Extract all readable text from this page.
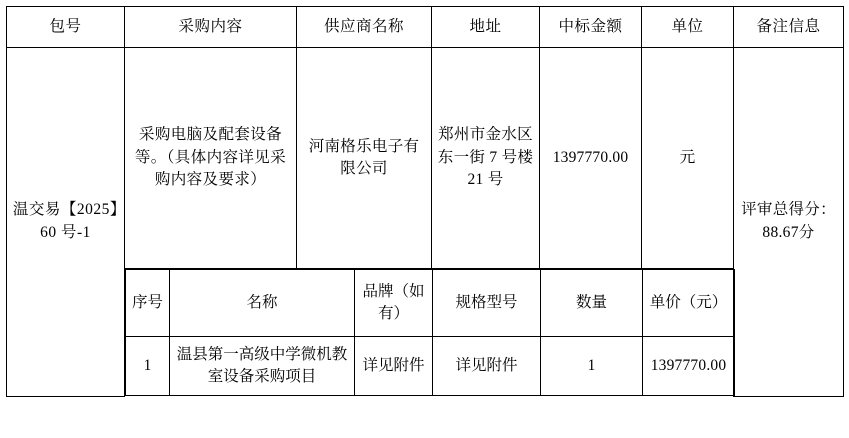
包号	采购内容	供应商名称	地址	中标金额	单位	备注信息
温交易【2025】60 号-1	采购电脑及配套设备等。（具体内容详见采购内容及要求）	河南格乐电子有限公司	郑州市金水区东一街 7 号楼 21 号	1397770.00	元	评审总得分：88.67分

序号	名称	品牌（如有）	规格型号	数量	单价（元）
1	温县第一高级中学微机教室设备采购项目	详见附件	详见附件	1	1397770.00
